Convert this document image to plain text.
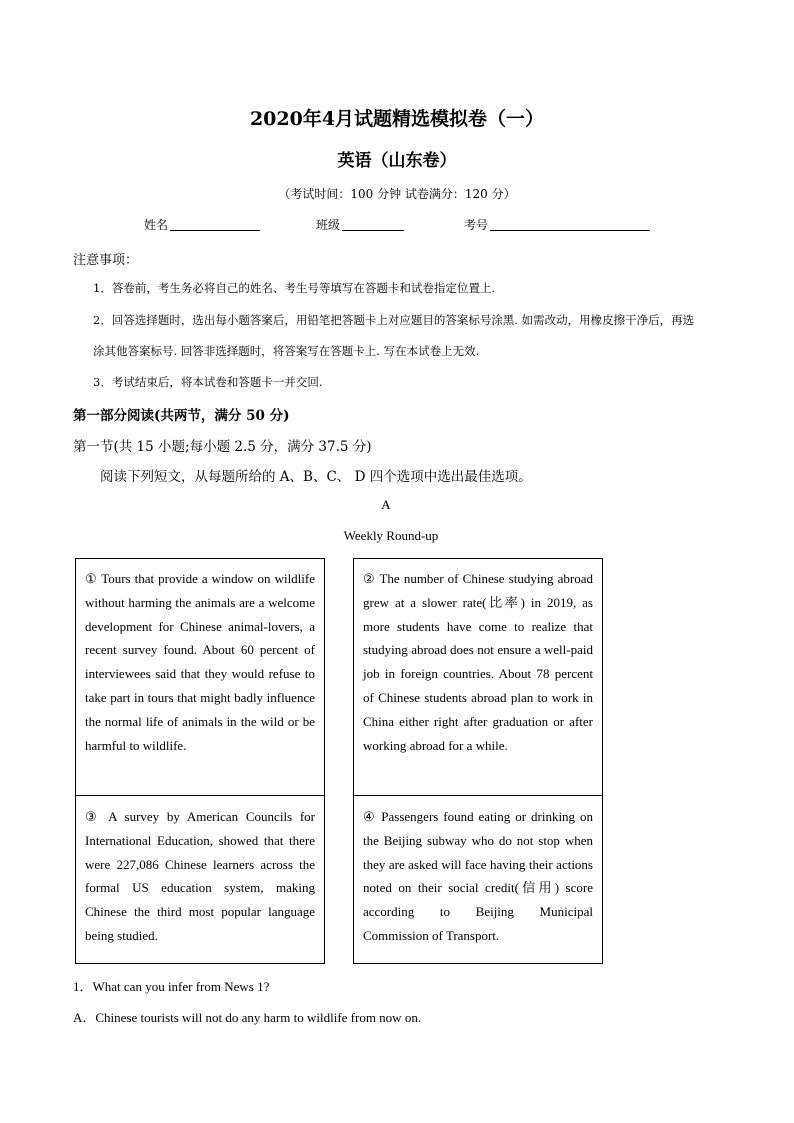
2020年4月试题精选模拟卷（一）
英语（山东卷）
（考试时间：100 分钟 试卷满分：120 分）
姓名	班级	考号
注意事项：
1．答卷前，考生务必将自己的姓名、考生号等填写在答题卡和试卷指定位置上.
2．回答选择题时，选出每小题答案后，用铅笔把答题卡上对应题目的答案标号涂黑. 如需改动，用橡皮擦干净后，再选
涂其他答案标号. 回答非选择题时，将答案写在答题卡上. 写在本试卷上无效.
3．考试结束后，将本试卷和答题卡一并交回.
第一部分阅读(共两节，满分 50 分)
第一节(共 15 小题;每小题 2.5 分，满分 37.5 分)
阅读下列短文，从每题所给的 A、B、C、 D 四个选项中选出最佳选项。
A
Weekly Round-up
① Tours that provide a window on wildlife without harming the animals are a welcome development for Chinese animal-lovers, a recent survey found. About 60 percent of interviewees said that they would refuse to take part in tours that might badly influence the normal life of animals in the wild or be harmful to wildlife.
② The number of Chinese studying abroad grew at a slower rate(比率) in 2019, as more students have come to realize that studying abroad does not ensure a well-paid job in foreign countries. About 78 percent of Chinese students abroad plan to work in China either right after graduation or after working abroad for a while.
③ A survey by American Councils for International Education, showed that there were 227,086 Chinese learners across the formal US education system, making Chinese the third most popular language being studied.
④ Passengers found eating or drinking on the Beijing subway who do not stop when they are asked will face having their actions noted on their social credit(信用) score according to Beijing Municipal Commission of Transport.
1．What can you infer from News 1?
A．Chinese tourists will not do any harm to wildlife from now on.
